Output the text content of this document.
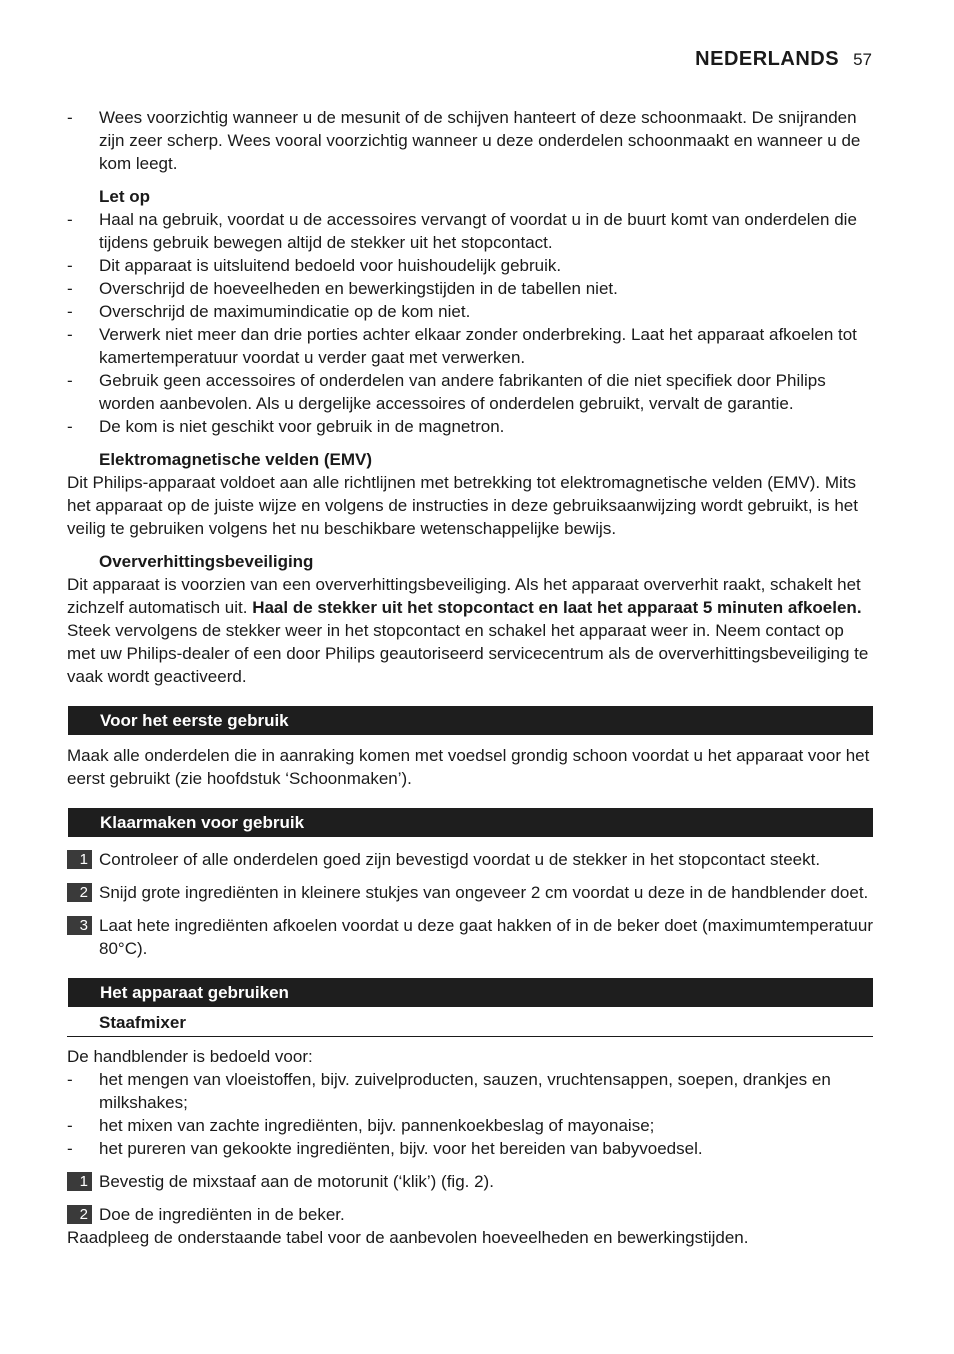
NEDERLANDS 57
-	Wees voorzichtig wanneer u de mesunit of de schijven hanteert of deze schoonmaakt. De snijranden zijn zeer scherp. Wees vooral voorzichtig wanneer u deze onderdelen schoonmaakt en wanneer u de kom leegt.
Let op
-	Haal na gebruik, voordat u de accessoires vervangt of voordat u in de buurt komt van onderdelen die tijdens gebruik bewegen altijd de stekker uit het stopcontact.
-	Dit apparaat is uitsluitend bedoeld voor huishoudelijk gebruik.
-	Overschrijd de hoeveelheden en bewerkingstijden in de tabellen niet.
-	Overschrijd de maximumindicatie op de kom niet.
-	Verwerk niet meer dan drie porties achter elkaar zonder onderbreking. Laat het apparaat afkoelen tot kamertemperatuur voordat u verder gaat met verwerken.
-	Gebruik geen accessoires of onderdelen van andere fabrikanten of die niet specifiek door Philips worden aanbevolen. Als u dergelijke accessoires of onderdelen gebruikt, vervalt de garantie.
-	De kom is niet geschikt voor gebruik in de magnetron.
Elektromagnetische velden (EMV)

Dit Philips-apparaat voldoet aan alle richtlijnen met betrekking tot elektromagnetische velden (EMV). Mits het apparaat op de juiste wijze en volgens de instructies in deze gebruiksaanwijzing wordt gebruikt, is het veilig te gebruiken volgens het nu beschikbare wetenschappelijke bewijs.

Oververhittingsbeveiliging

Dit apparaat is voorzien van een oververhittingsbeveiliging. Als het apparaat oververhit raakt, schakelt het zichzelf automatisch uit. Haal de stekker uit het stopcontact en laat het apparaat 5 minuten afkoelen. Steek vervolgens de stekker weer in het stopcontact en schakel het apparaat weer in. Neem contact op met uw Philips-dealer of een door Philips geautoriseerd servicecentrum als de oververhittingsbeveiliging te vaak wordt geactiveerd.

Voor het eerste gebruik

Maak alle onderdelen die in aanraking komen met voedsel grondig schoon voordat u het apparaat voor het eerst gebruikt (zie hoofdstuk ‘Schoonmaken’).

Klaarmaken voor gebruik
1 Controleer of alle onderdelen goed zijn bevestigd voordat u de stekker in het stopcontact steekt.
2 Snijd grote ingrediënten in kleinere stukjes van ongeveer 2 cm voordat u deze in de handblender doet.
3 Laat hete ingrediënten afkoelen voordat u deze gaat hakken of in de beker doet (maximumtemperatuur 80°C).
Het apparaat gebruiken
Staafmixer

De handblender is bedoeld voor:

-	het mengen van vloeistoffen, bijv. zuivelproducten, sauzen, vruchtensappen, soepen, drankjes en milkshakes;
-	het mixen van zachte ingrediënten, bijv. pannenkoekbeslag of mayonaise;
-	het pureren van gekookte ingrediënten, bijv. voor het bereiden van babyvoedsel.
1 Bevestig de mixstaaf aan de motorunit (‘klik’) (fig. 2).
2 Doe de ingrediënten in de beker.

Raadpleeg de onderstaande tabel voor de aanbevolen hoeveelheden en bewerkingstijden.
